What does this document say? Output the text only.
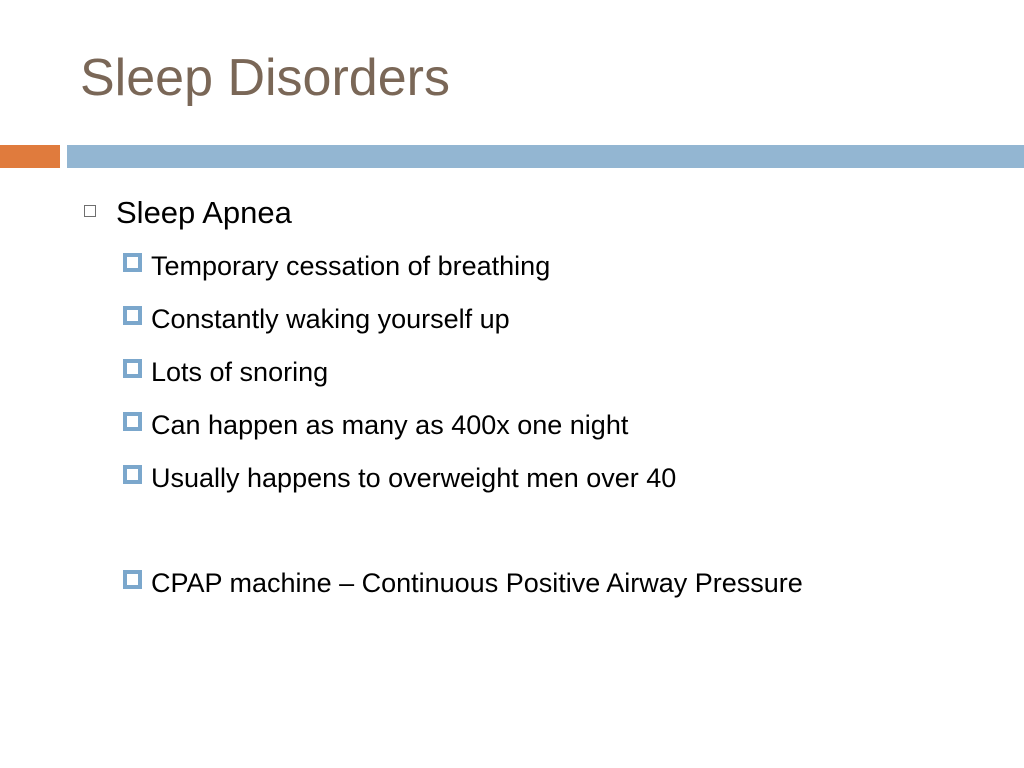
Sleep Disorders
Sleep Apnea
Temporary cessation of breathing
Constantly waking yourself up
Lots of snoring
Can happen as many as 400x one night
Usually happens to overweight men over 40
CPAP machine – Continuous Positive Airway Pressure
